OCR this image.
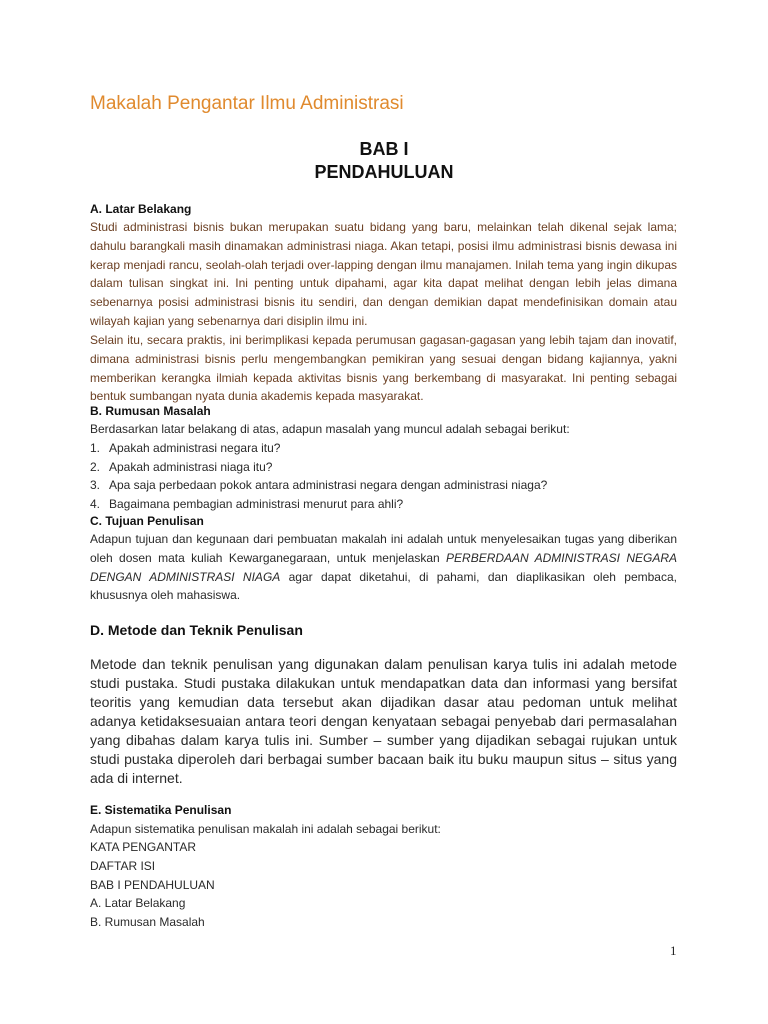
Makalah Pengantar Ilmu Administrasi
BAB I
PENDAHULUAN
A. Latar Belakang
Studi administrasi bisnis bukan merupakan suatu bidang yang baru, melainkan telah dikenal sejak lama; dahulu barangkali masih dinamakan administrasi niaga. Akan tetapi, posisi ilmu administrasi bisnis dewasa ini kerap menjadi rancu, seolah-olah terjadi over-lapping dengan ilmu manajamen. Inilah tema yang ingin dikupas dalam tulisan singkat ini. Ini penting untuk dipahami, agar kita dapat melihat dengan lebih jelas dimana sebenarnya posisi administrasi bisnis itu sendiri, dan dengan demikian dapat mendefinisikan domain atau wilayah kajian yang sebenarnya dari disiplin ilmu ini.
Selain itu, secara praktis, ini berimplikasi kepada perumusan gagasan-gagasan yang lebih tajam dan inovatif, dimana administrasi bisnis perlu mengembangkan pemikiran yang sesuai dengan bidang kajiannya, yakni memberikan kerangka ilmiah kepada aktivitas bisnis yang berkembang di masyarakat. Ini penting sebagai bentuk sumbangan nyata dunia akademis kepada masyarakat.
B. Rumusan Masalah
Berdasarkan latar belakang di atas, adapun masalah yang muncul adalah sebagai berikut:
1. Apakah administrasi negara itu?
2. Apakah administrasi niaga itu?
3. Apa saja perbedaan pokok antara administrasi negara dengan administrasi niaga?
4. Bagaimana pembagian administrasi menurut para ahli?
C. Tujuan Penulisan
Adapun tujuan dan kegunaan dari pembuatan makalah ini adalah untuk menyelesaikan tugas yang diberikan oleh dosen mata kuliah Kewarganegaraan, untuk menjelaskan PERBERDAAN ADMINISTRASI NEGARA DENGAN ADMINISTRASI NIAGA agar dapat diketahui, di pahami, dan diaplikasikan oleh pembaca, khususnya oleh mahasiswa.
D. Metode dan Teknik Penulisan
Metode dan teknik penulisan yang digunakan dalam penulisan karya tulis ini adalah metode studi pustaka. Studi pustaka dilakukan untuk mendapatkan data dan informasi yang bersifat teoritis yang kemudian data tersebut akan dijadikan dasar atau pedoman untuk melihat adanya ketidaksesuaian antara teori dengan kenyataan sebagai penyebab dari permasalahan yang dibahas dalam karya tulis ini. Sumber – sumber yang dijadikan sebagai rujukan untuk studi pustaka diperoleh dari berbagai sumber bacaan baik itu buku maupun situs – situs yang ada di internet.
E. Sistematika Penulisan
Adapun sistematika penulisan makalah ini adalah sebagai berikut:
KATA PENGANTAR
DAFTAR ISI
BAB I PENDAHULUAN
A. Latar Belakang
B. Rumusan Masalah
1
